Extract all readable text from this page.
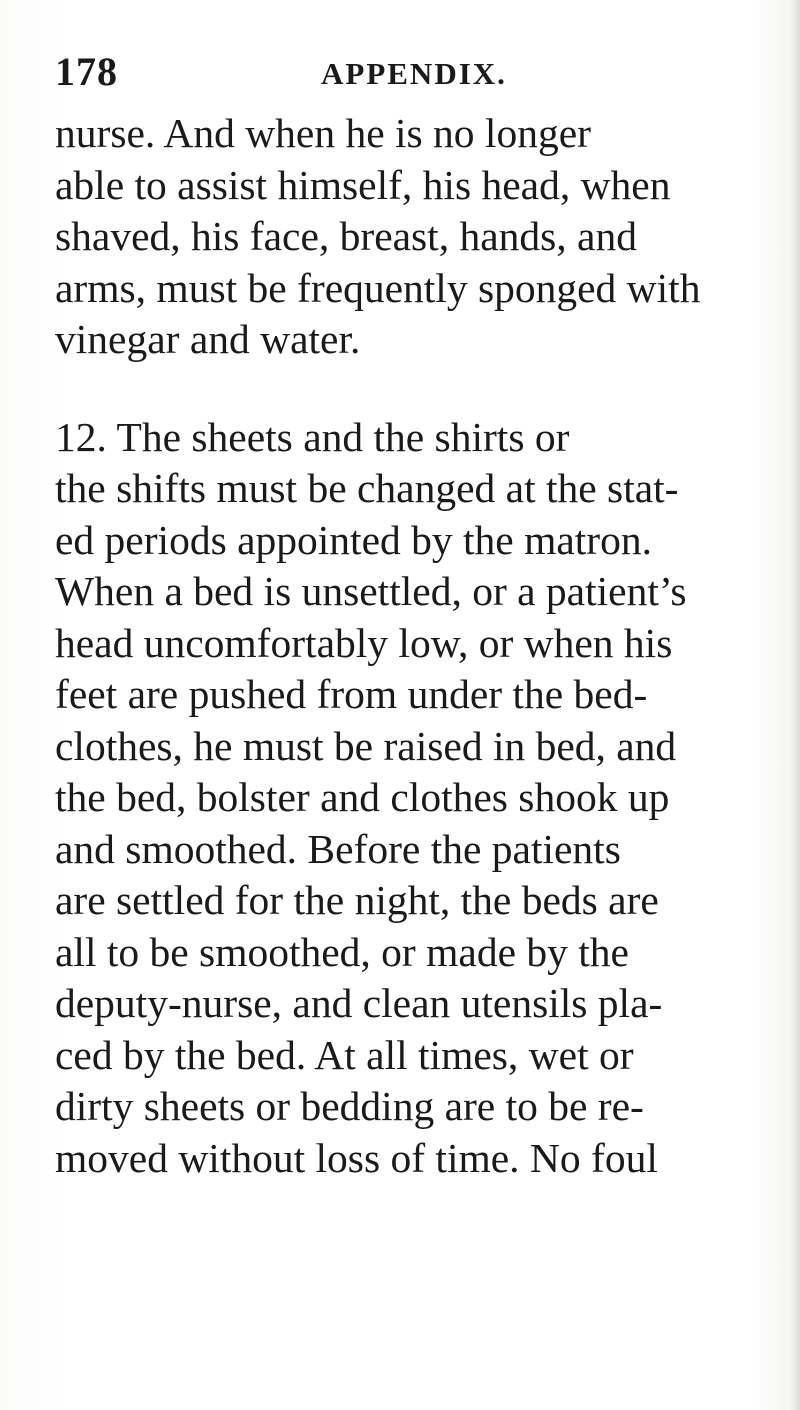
178	APPENDIX.
nurse. And when he is no longer
able to assist himself, his head, when
shaved, his face, breast, hands, and
arms, must be frequently sponged with
vinegar and water.
12. The sheets and the shirts or
the shifts must be changed at the stat-
ed periods appointed by the matron.
When a bed is unsettled, or a patient’s
head uncomfortably low, or when his
feet are pushed from under the bed-
clothes, he must be raised in bed, and
the bed, bolster and clothes shook up
and smoothed. Before the patients
are settled for the night, the beds are
all to be smoothed, or made by the
deputy-nurse, and clean utensils pla-
ced by the bed. At all times, wet or
dirty sheets or bedding are to be re-
moved without loss of time. No foul
